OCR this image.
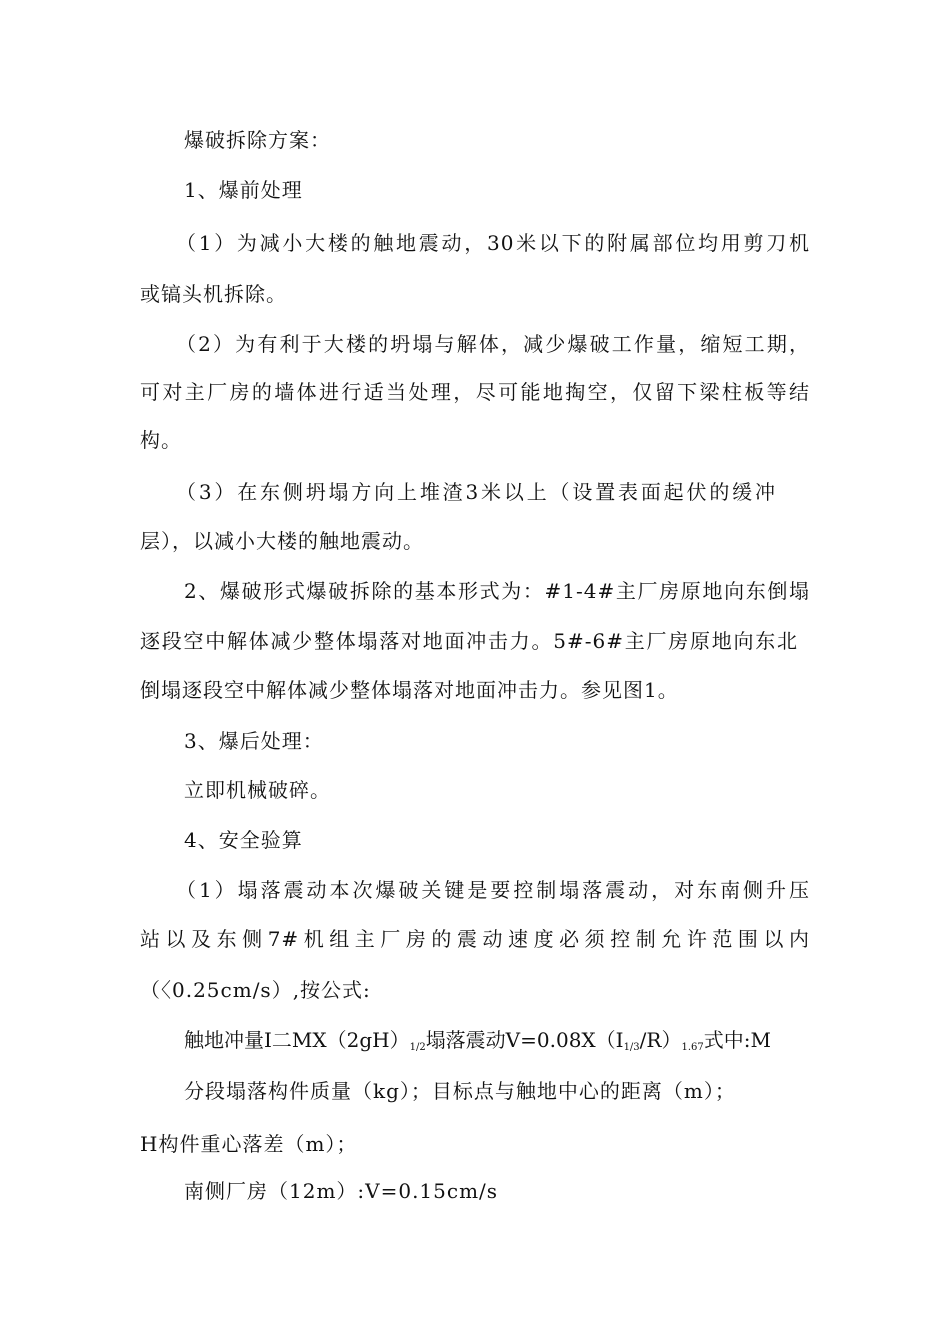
爆破拆除方案：
1、爆前处理
（1）为减小大楼的触地震动，30米以下的附属部位均用剪刀机
或镐头机拆除。
（2）为有利于大楼的坍塌与解体，减少爆破工作量，缩短工期，
可对主厂房的墙体进行适当处理，尽可能地掏空，仅留下梁柱板等结
构。
（3）在东侧坍塌方向上堆渣3米以上（设置表面起伏的缓冲
层），以减小大楼的触地震动。
2、爆破形式爆破拆除的基本形式为：#1-4#主厂房原地向东倒塌
逐段空中解体减少整体塌落对地面冲击力。5#-6#主厂房原地向东北
倒塌逐段空中解体减少整体塌落对地面冲击力。参见图1。
3、爆后处理：
立即机械破碎。
4、安全验算
（1）塌落震动本次爆破关键是要控制塌落震动，对东南侧升压
站以及东侧7#机组主厂房的震动速度必须控制允许范围以内
（〈0.25cm/s）,按公式:
触地冲量I二$MX(2gH)_{1/2}$塌落震动$V=0.08X(I_{1/3}/R)_{1.67}$式中:M
分段塌落构件质量（kg）；目标点与触地中心的距离（m）；
H构件重心落差（m）；
南侧厂房（12m）:V=0.15cm/s
